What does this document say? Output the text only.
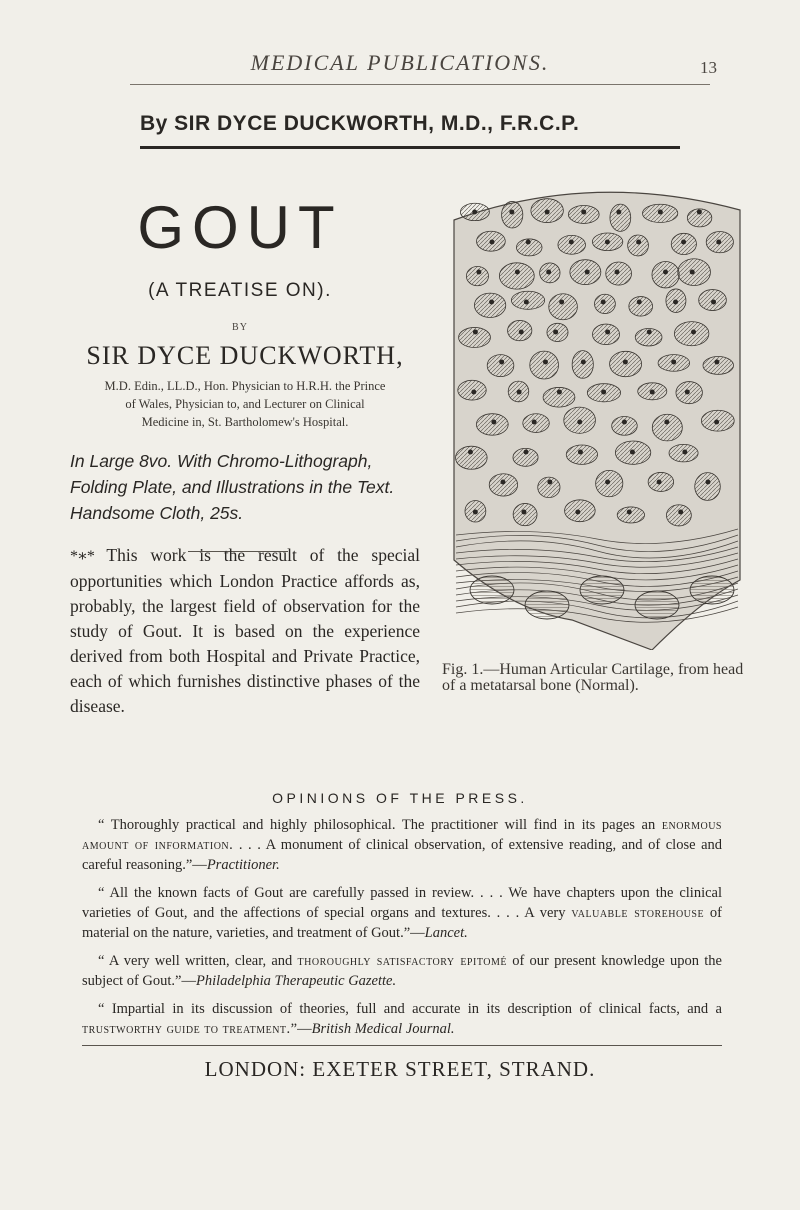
MEDICAL PUBLICATIONS.	13
By SIR DYCE DUCKWORTH, M.D., F.R.C.P.
GOUT
(A TREATISE ON).
BY
SIR DYCE DUCKWORTH,
M.D. Edin., LL.D., Hon. Physician to H.R.H. the Prince
of Wales, Physician to, and Lecturer on Clinical
Medicine in, St. Bartholomew's Hospital.
In Large 8vo. With Chromo-Lithograph, Folding Plate, and Illustrations in the Text. Handsome Cloth, 25s.
*∗* This work is the result of the special opportunities which London Practice affords as, probably, the largest field of observation for the study of Gout. It is based on the experience derived from both Hospital and Private Practice, each of which furnishes distinctive phases of the disease.
Fig. 1.—Human Articular Cartilage, from head of a metatarsal bone (Normal).
OPINIONS OF THE PRESS.

“ Thoroughly practical and highly philosophical. The practitioner will find in its pages an enormous amount of information. . . . A monument of clinical observation, of extensive reading, and of close and careful reasoning.”—Practitioner.

“ All the known facts of Gout are carefully passed in review. . . . We have chapters upon the clinical varieties of Gout, and the affections of special organs and textures. . . . A very valuable storehouse of material on the nature, varieties, and treatment of Gout.”—Lancet.

“ A very well written, clear, and thoroughly satisfactory epitomé of our present knowledge upon the subject of Gout.”—Philadelphia Therapeutic Gazette.

“ Impartial in its discussion of theories, full and accurate in its description of clinical facts, and a trustworthy guide to treatment.”—British Medical Journal.

LONDON: EXETER STREET, STRAND.
